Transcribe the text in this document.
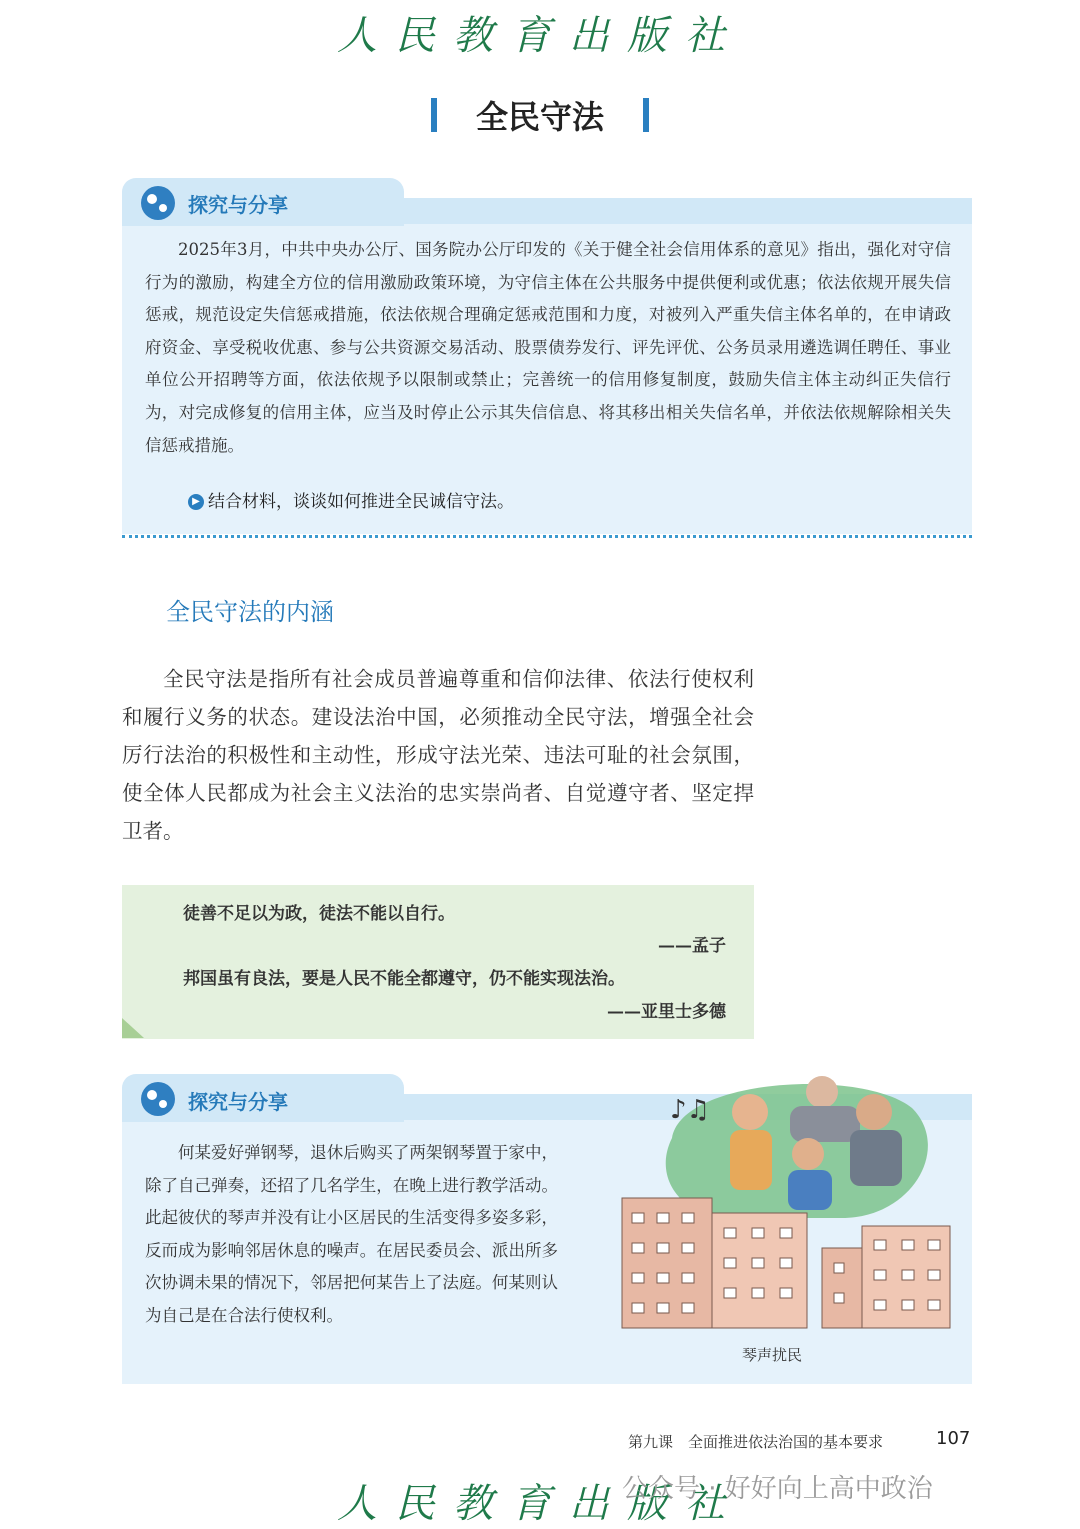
人民教育出版社
全民守法
探究与分享
2025年3月，中共中央办公厅、国务院办公厅印发的《关于健全社会信用体系的意见》指出，强化对守信行为的激励，构建全方位的信用激励政策环境，为守信主体在公共服务中提供便利或优惠；依法依规开展失信惩戒，规范设定失信惩戒措施，依法依规合理确定惩戒范围和力度，对被列入严重失信主体名单的，在申请政府资金、享受税收优惠、参与公共资源交易活动、股票债券发行、评先评优、公务员录用遴选调任聘任、事业单位公开招聘等方面，依法依规予以限制或禁止；完善统一的信用修复制度，鼓励失信主体主动纠正失信行为，对完成修复的信用主体，应当及时停止公示其失信信息、将其移出相关失信名单，并依法依规解除相关失信惩戒措施。
▶ 结合材料，谈谈如何推进全民诚信守法。
全民守法的内涵
全民守法是指所有社会成员普遍尊重和信仰法律、依法行使权利和履行义务的状态。建设法治中国，必须推动全民守法，增强全社会厉行法治的积极性和主动性，形成守法光荣、违法可耻的社会氛围，使全体人民都成为社会主义法治的忠实崇尚者、自觉遵守者、坚定捍卫者。
徒善不足以为政，徒法不能以自行。
——孟子
邦国虽有良法，要是人民不能全都遵守，仍不能实现法治。
——亚里士多德
探究与分享
何某爱好弹钢琴，退休后购买了两架钢琴置于家中，除了自己弹奏，还招了几名学生，在晚上进行教学活动。此起彼伏的琴声并没有让小区居民的生活变得多姿多彩，反而成为影响邻居休息的噪声。在居民委员会、派出所多次协调未果的情况下，邻居把何某告上了法庭。何某则认为自己是在合法行使权利。
♪♫
琴声扰民
第九课　全面推进依法治国的基本要求	107
人民教育出版社
公众号 · 好好向上高中政治
